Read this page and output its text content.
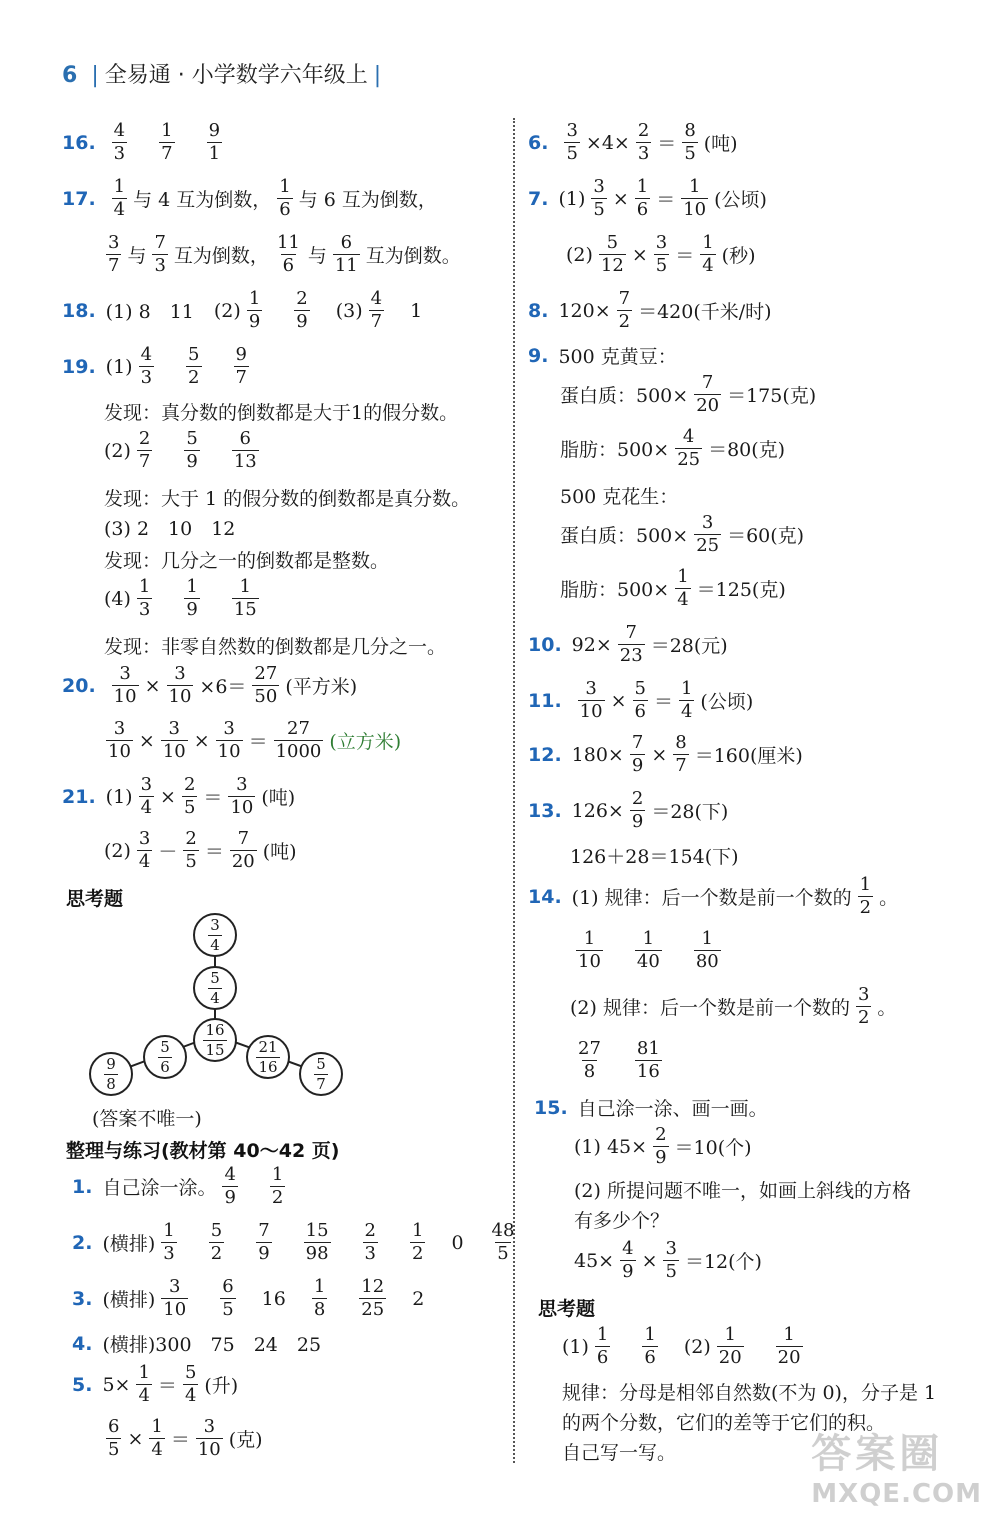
6 | 全易通 · 小学数学六年级上 |
16. $\frac{4}{3} \frac{1}{7} \frac{9}{1}$
17. $\frac{1}{4}$ 与 4 互为倒数， $\frac{1}{6}$ 与 6 互为倒数，
$\frac{3}{7}$ 与 $\frac{7}{3}$ 互为倒数， $\frac{11}{6}$ 与 $\frac{6}{11}$ 互为倒数。
18. (1) 8　11 $(2) \frac{1}{9} \frac{2}{9} (3) \frac{4}{7} 1$
19. $(1) \frac{4}{3} \frac{5}{2} \frac{9}{7}$
发现：真分数的倒数都是大于1的假分数。
$(2) \frac{2}{7} \frac{5}{9} \frac{6}{13}$
发现：大于 1 的假分数的倒数都是真分数。
(3) 2　10　12
发现：几分之一的倒数都是整数。
$(4) \frac{1}{3} \frac{1}{9} \frac{1}{15}$
发现：非零自然数的倒数都是几分之一。
20. $\frac{3}{10} \times \frac{3}{10} \times 6= \frac{27}{50}$ (平方米)
$\frac{3}{10} \times \frac{3}{10} \times \frac{3}{10} = \frac{27}{1000}$ (立方米)
21. $(1) \frac{3}{4} \times \frac{2}{5} = \frac{3}{10}$ (吨)
$(2) \frac{3}{4} - \frac{2}{5} = \frac{7}{20}$ (吨)
思考题
$\frac{3}{4}$
$\frac{5}{4}$
$\frac{16}{15}$
$\frac{5}{6}$
$\frac{9}{8}$	$\frac{21}{16} \frac{5}{7}$
(答案不唯一)
整理与练习(教材第 40～42 页)
1. 自己涂一涂。 $\frac{4}{9} \frac{1}{2}$
2. (横排) $\frac{1}{3} \frac{5}{2} \frac{7}{9} \frac{15}{98} \frac{2}{3} \frac{1}{2} 0 \frac{48}{5}$
3. (横排) $\frac{3}{10} \frac{6}{5} 16 \frac{1}{8} \frac{12}{25} 2$
4. (横排)300　75　24　25
5. $5\times \frac{1}{4} = \frac{5}{4}$ (升)
$\frac{6}{5} \times \frac{1}{4} = \frac{3}{10}$ (克)
6. $\frac{3}{5} \times 4\times \frac{2}{3} = \frac{8}{5}$ (吨)
7. $(1) \frac{3}{5} \times \frac{1}{6} = \frac{1}{10}$ (公顷)
$(2) \frac{5}{12} \times \frac{3}{5} = \frac{1}{4}$ (秒)
8. $120\times \frac{7}{2} =420$(千米/时)
9. 500 克黄豆：
蛋白质：$500\times \frac{7}{20} =175$(克)
脂肪：$500\times \frac{4}{25} =80$(克)
500 克花生：
蛋白质：$500\times \frac{3}{25} =60$(克)
脂肪：$500\times \frac{1}{4} =125$(克)
10. $92\times \frac{7}{23} =28$(元)
11. $\frac{3}{10} \times \frac{5}{6} = \frac{1}{4}$ (公顷)
12. $180\times \frac{7}{9} \times \frac{8}{7} =160$(厘米)
13. $126\times \frac{2}{9} =28$(下)
126＋28＝154(下)
14. (1) 规律：后一个数是前一个数的 $\frac{1}{2}$ 。
$\frac{1}{10} \frac{1}{40} \frac{1}{80}$
(2) 规律：后一个数是前一个数的 $\frac{3}{2}$ 。
$\frac{27}{8} \frac{81}{16}$
15. 自己涂一涂、画一画。
(1) $45\times \frac{2}{9} =10$(个)
(2) 所提问题不唯一，如画上斜线的方格
有多少个？
$45\times \frac{4}{9} \times \frac{3}{5} =12$(个)
思考题
$(1) \frac{1}{6} \frac{1}{6} (2) \frac{1}{20} \frac{1}{20}$
规律：分母是相邻自然数(不为 0)，分子是 1
的两个分数，它们的差等于它们的积。
自己写一写。	答案圈
MXQE.COM
